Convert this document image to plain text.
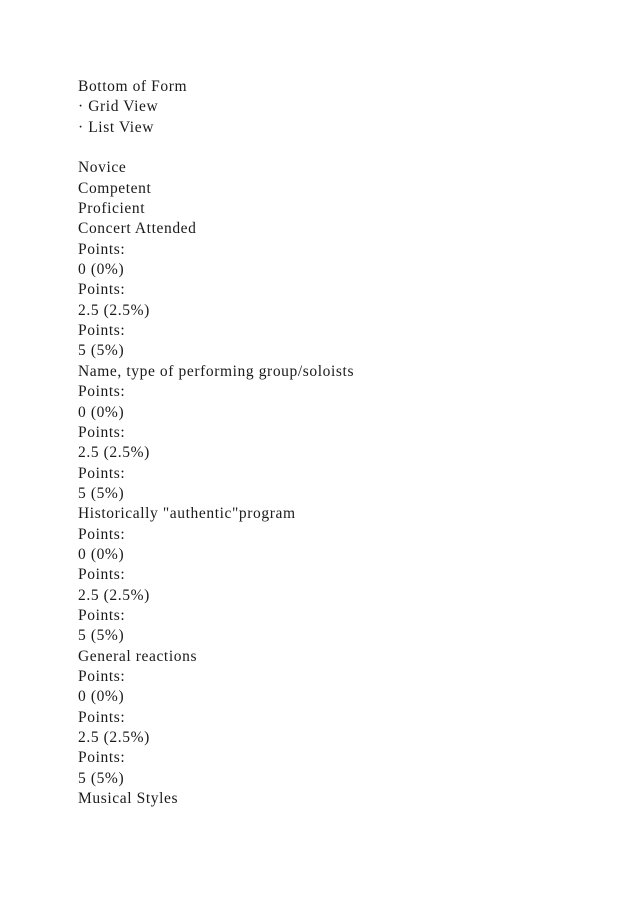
Bottom of Form
· Grid View
· List View
Novice
Competent
Proficient
Concert Attended
Points:
0 (0%)
Points:
2.5 (2.5%)
Points:
5 (5%)
Name, type of performing group/soloists
Points:
0 (0%)
Points:
2.5 (2.5%)
Points:
5 (5%)
Historically "authentic"program
Points:
0 (0%)
Points:
2.5 (2.5%)
Points:
5 (5%)
General reactions
Points:
0 (0%)
Points:
2.5 (2.5%)
Points:
5 (5%)
Musical Styles
